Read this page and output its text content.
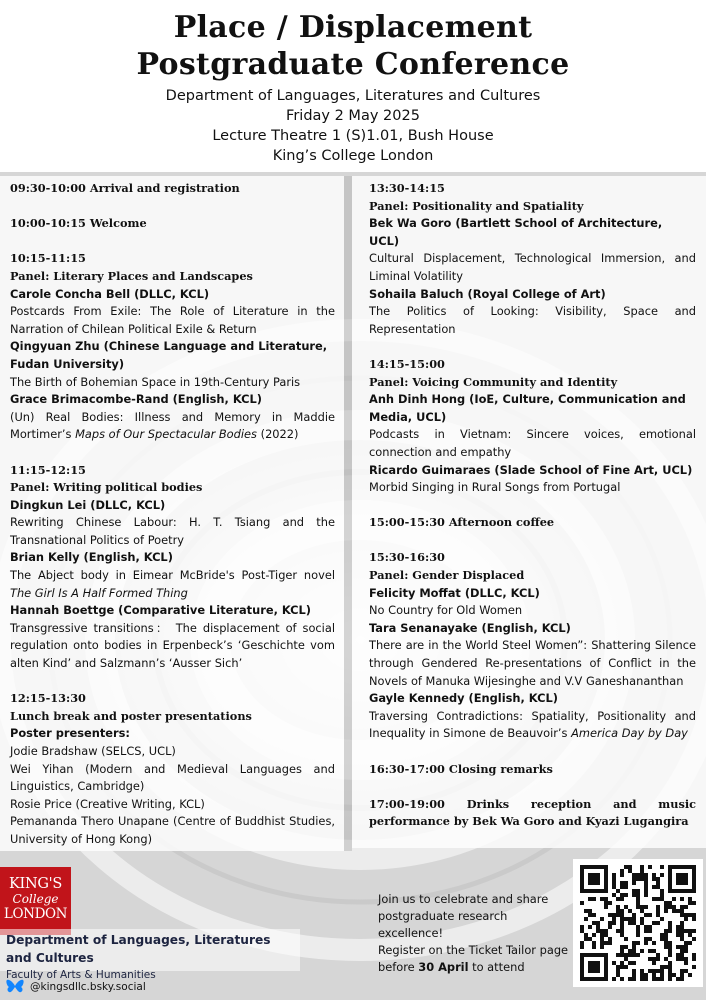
Place / Displacement
Postgraduate Conference
Department of Languages, Literatures and Cultures
Friday 2 May 2025
Lecture Theatre 1 (S)1.01, Bush House
King’s College London
09:30-10:00 Arrival and registration
10:00-10:15 Welcome
10:15-11:15
Panel: Literary Places and Landscapes
Carole Concha Bell (DLLC, KCL)
Postcards From Exile: The Role of Literature in the Narration of Chilean Political Exile & Return
Qingyuan Zhu (Chinese Language and Literature, Fudan University)
The Birth of Bohemian Space in 19th-Century Paris
Grace Brimacombe-Rand (English, KCL)
(Un) Real Bodies: Illness and Memory in Maddie Mortimer’s Maps of Our Spectacular Bodies (2022)
11:15-12:15
Panel: Writing political bodies
Dingkun Lei (DLLC, KCL)
Rewriting Chinese Labour: H. T. Tsiang and the Transnational Politics of Poetry
Brian Kelly (English, KCL)
The Abject body in Eimear McBride's Post-Tiger novel The Girl Is A Half Formed Thing
Hannah Boettge (Comparative Literature, KCL)
Transgressive transitions： The displacement of social regulation onto bodies in Erpenbeck’s ‘Geschichte vom alten Kind’ and Salzmann’s ‘Ausser Sich’
12:15-13:30
Lunch break and poster presentations
Poster presenters:
Jodie Bradshaw (SELCS, UCL)
Wei Yihan (Modern and Medieval Languages and Linguistics, Cambridge)
Rosie Price (Creative Writing, KCL)
Pemananda Thero Unapane (Centre of Buddhist Studies, University of Hong Kong)
13:30-14:15
Panel: Positionality and Spatiality
Bek Wa Goro (Bartlett School of Architecture, UCL)
Cultural Displacement, Technological Immersion, and Liminal Volatility
Sohaila Baluch (Royal College of Art)
The Politics of Looking: Visibility, Space and Representation
14:15-15:00
Panel: Voicing Community and Identity
Anh Dinh Hong (IoE, Culture, Communication and Media, UCL)
Podcasts in Vietnam: Sincere voices, emotional connection and empathy
Ricardo Guimaraes (Slade School of Fine Art, UCL)
Morbid Singing in Rural Songs from Portugal
15:00-15:30 Afternoon coffee
15:30-16:30
Panel: Gender Displaced
Felicity Moffat (DLLC, KCL)
No Country for Old Women
Tara Senanayake (English, KCL)
There are in the World Steel Women”: Shattering Silence through Gendered Re-presentations of Conflict in the Novels of Manuka Wijesinghe and V.V Ganeshananthan
Gayle Kennedy (English, KCL)
Traversing Contradictions: Spatiality, Positionality and Inequality in Simone de Beauvoir’s America Day by Day
16:30-17:00 Closing remarks
17:00-19:00 Drinks reception and music performance by Bek Wa Goro and Kyazi Lugangira
KING'S
College
LONDON
Department of Languages, Literatures and Cultures
Faculty of Arts & Humanities
@kingsdllc.bsky.social
Join us to celebrate and share postgraduate research excellence!
Register on the Ticket Tailor page before 30 April to attend
